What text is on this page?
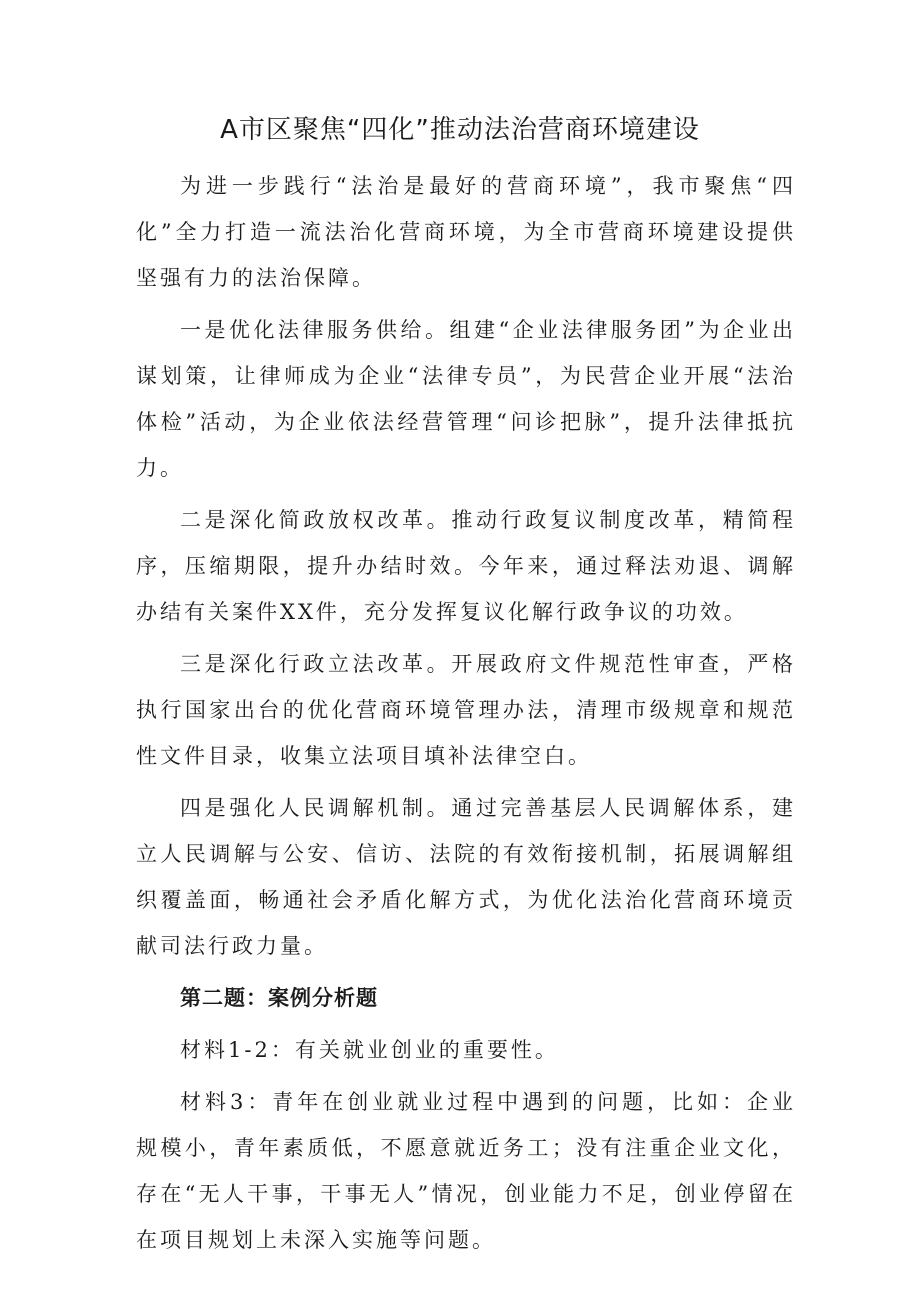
A市区聚焦“四化”推动法治营商环境建设

为进一步践行“法治是最好的营商环境”，我市聚焦“四化”全力打造一流法治化营商环境，为全市营商环境建设提供坚强有力的法治保障。

一是优化法律服务供给。组建“企业法律服务团”为企业出谋划策，让律师成为企业“法律专员”，为民营企业开展“法治体检”活动，为企业依法经营管理“问诊把脉”，提升法律抵抗力。

二是深化简政放权改革。推动行政复议制度改革，精简程序，压缩期限，提升办结时效。今年来，通过释法劝退、调解办结有关案件XX件，充分发挥复议化解行政争议的功效。

三是深化行政立法改革。开展政府文件规范性审查，严格执行国家出台的优化营商环境管理办法，清理市级规章和规范性文件目录，收集立法项目填补法律空白。

四是强化人民调解机制。通过完善基层人民调解体系，建立人民调解与公安、信访、法院的有效衔接机制，拓展调解组织覆盖面，畅通社会矛盾化解方式，为优化法治化营商环境贡献司法行政力量。

第二题：案例分析题

材料1-2：有关就业创业的重要性。

材料3：青年在创业就业过程中遇到的问题，比如：企业规模小，青年素质低，不愿意就近务工；没有注重企业文化，存在“无人干事，干事无人”情况，创业能力不足，创业停留在在项目规划上未深入实施等问题。
